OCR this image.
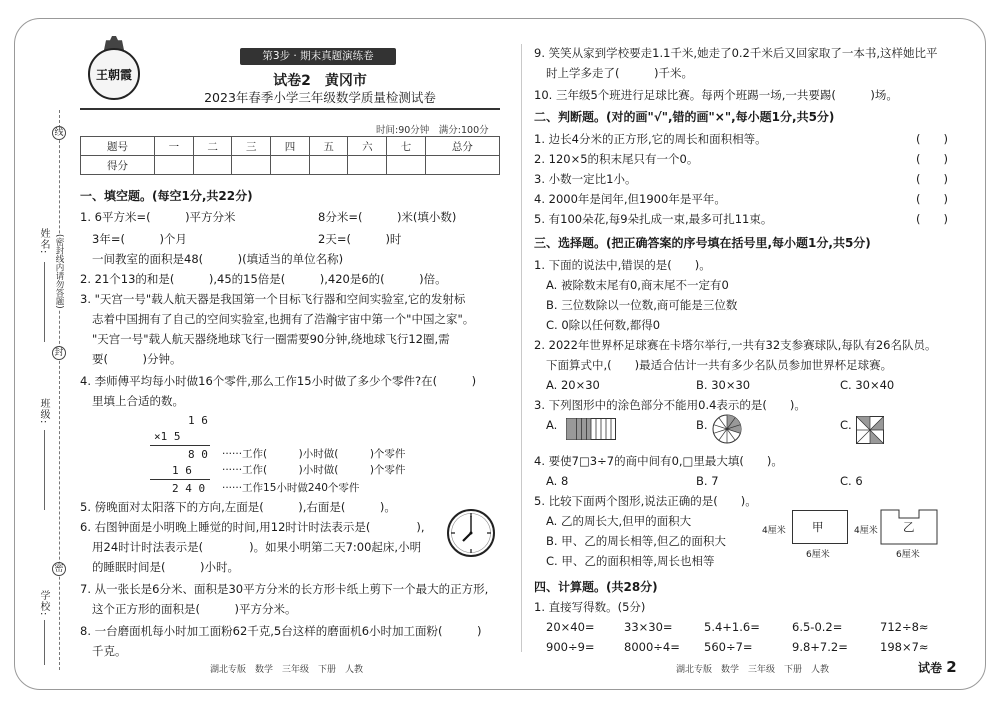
姓名:
班级:
学校:
线
(密封线内请勿答题)
封
密
王朝霞
第3步 · 期末真题演练卷
试卷2　黄冈市
2023年春季小学三年级数学质量检测试卷
时间:90分钟　满分:100分
题号	一	二	三	四	五	六	七	总分
得分								
一、填空题。(每空1分,共22分)
1. 6平方米=(　　　)平方分米	8分米=(　　　)米(填小数)
3年=(　　　)个月	2天=(　　　)时
一间教室的面积是48(　　　)(填适当的单位名称)
2. 21个13的和是(　　　),45的15倍是(　　　),420是6的(　　　)倍。
3. "天宫一号"载人航天器是我国第一个目标飞行器和空间实验室,它的发射标
志着中国拥有了自己的空间实验室,也拥有了浩瀚宇宙中第一个"中国之家"。
"天宫一号"载人航天器绕地球飞行一圈需要90分钟,绕地球飞行12圈,需
要(　　　)分钟。
4. 李师傅平均每小时做16个零件,那么工作15小时做了多少个零件?在(　　　)
里填上合适的数。
1 6
×1 5
8 0 ······工作(　　　)小时做(　　　)个零件
1 6	······工作(　　　)小时做(　　　)个零件
2 4 0 ······工作15小时做240个零件
5. 傍晚面对太阳落下的方向,左面是(　　　),右面是(　　　)。
6. 右图钟面是小明晚上睡觉的时间,用12时计时法表示是(　　　　),
用24时计时法表示是(　　　　)。如果小明第二天7:00起床,小明
的睡眠时间是(　　　)小时。
7. 从一张长是6分米、面积是30平方分米的长方形卡纸上剪下一个最大的正方形,
这个正方形的面积是(　　　)平方分米。
8. 一台磨面机每小时加工面粉62千克,5台这样的磨面机6小时加工面粉(　　　)
千克。
9. 笑笑从家到学校要走1.1千米,她走了0.2千米后又回家取了一本书,这样她比平
时上学多走了(　　　)千米。
10. 三年级5个班进行足球比赛。每两个班踢一场,一共要踢(　　　)场。
二、判断题。(对的画"√",错的画"×",每小题1分,共5分)
1. 边长4分米的正方形,它的周长和面积相等。	(　　)
2. 120×5的积末尾只有一个0。	(　　)
3. 小数一定比1小。	(　　)
4. 2000年是闰年,但1900年是平年。	(　　)
5. 有100朵花,每9朵扎成一束,最多可扎11束。	(　　)
三、选择题。(把正确答案的序号填在括号里,每小题1分,共5分)
1. 下面的说法中,错误的是(　　)。
A. 被除数末尾有0,商末尾不一定有0
B. 三位数除以一位数,商可能是三位数
C. 0除以任何数,都得0
2. 2022年世界杯足球赛在卡塔尔举行,一共有32支参赛球队,每队有26名队员。
下面算式中,(　　)最适合估计一共有多少名队员参加世界杯足球赛。
A. 20×30	B. 30×30	C. 30×40
3. 下列图形中的涂色部分不能用0.4表示的是(　　)。
A.	B.	C.
4. 要使7□3÷7的商中间有0,□里最大填(　　)。
A. 8	B. 7	C. 6
5. 比较下面两个图形,说法正确的是(　　)。
A. 乙的周长大,但甲的面积大
B. 甲、乙的周长相等,但乙的面积大
C. 甲、乙的面积相等,周长也相等
4厘米 甲
6厘米
4厘米 乙
6厘米
四、计算题。(共28分)
1. 直接写得数。(5分)
20×40=	33×30=	5.4+1.6=	6.5-0.2=	712÷8≈
900÷9=	8000÷4= 560÷7=	9.8+7.2=	198×7≈
湖北专版　数学　三年级　下册　人教	湖北专版　数学　三年级　下册　人教	试卷 2
